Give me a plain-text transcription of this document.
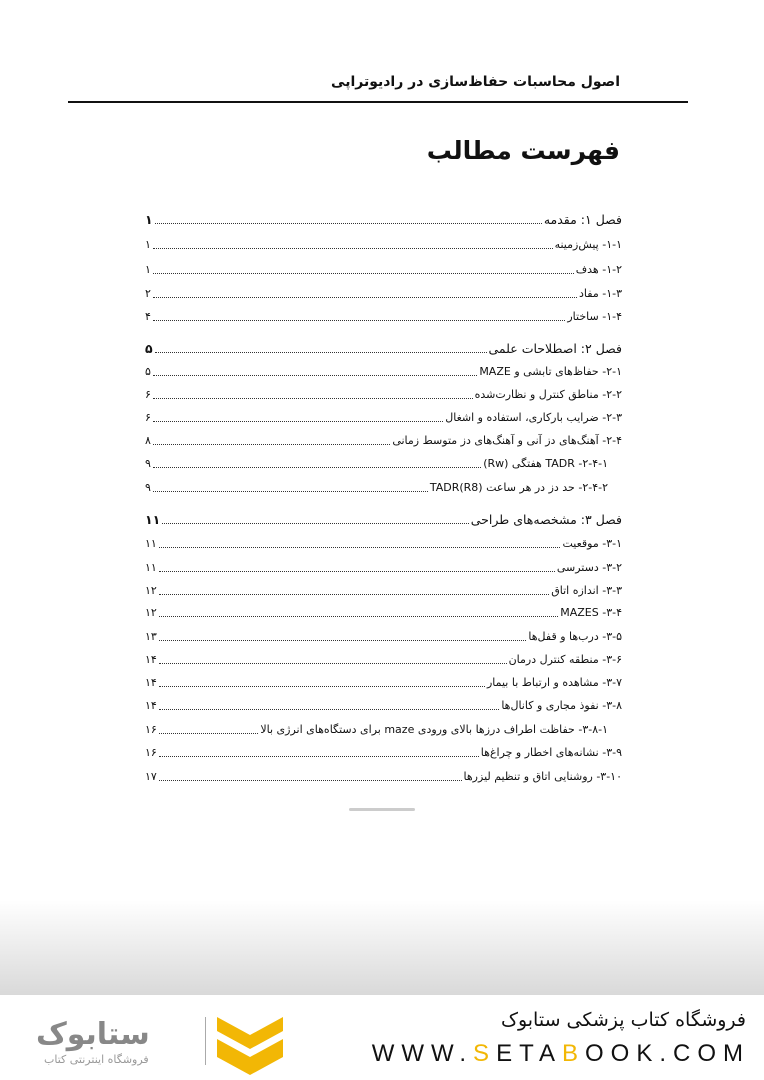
اصول محاسبات حفاظ‌سازی در رادیوتراپی
فهرست مطالب
فصل ۱: مقدمه
۱
۱-۱- پیش‌زمینه
۱
۱-۲- هدف
۱
۱-۳- مفاد
۲
۱-۴- ساختار
۴
فصل ۲: اصطلاحات علمی
۵
۲-۱- حفاظ‌های تابشی و MAZE
۵
۲-۲- مناطق کنترل و نظارت‌شده
۶
۲-۳- ضرایب بارکاری، استفاده و اشغال
۶
۲-۴- آهنگ‌های دز آنی و آهنگ‌های دز متوسط زمانی
۸
۲-۴-۱- TADR هفتگی (Rw)
۹
۲-۴-۲- حد دز در هر ساعت (TADR(R8
۹
فصل ۳: مشخصه‌های طراحی
۱۱
۳-۱- موقعیت
۱۱
۳-۲- دسترسی
۱۱
۳-۳- اندازه اتاق
۱۲
۳-۴- MAZES
۱۲
۳-۵- درب‌ها و قفل‌ها
۱۳
۳-۶- منطقه کنترل درمان
۱۴
۳-۷- مشاهده و ارتباط با بیمار
۱۴
۳-۸- نفوذ مجاری و کانال‌ها
۱۴
۳-۸-۱- حفاظت اطراف درزها بالای ورودی maze برای دستگاه‌های انرژی بالا
۱۶
۳-۹- نشانه‌های اخطار و چراغ‌ها
۱۶
۳-۱۰- روشنایی اتاق و تنظیم لیزرها
۱۷
فروشگاه کتاب پزشکی ستابوک
WWW.SETABOOK.COM
ستابوک
فروشگاه اینترنتی کتاب
